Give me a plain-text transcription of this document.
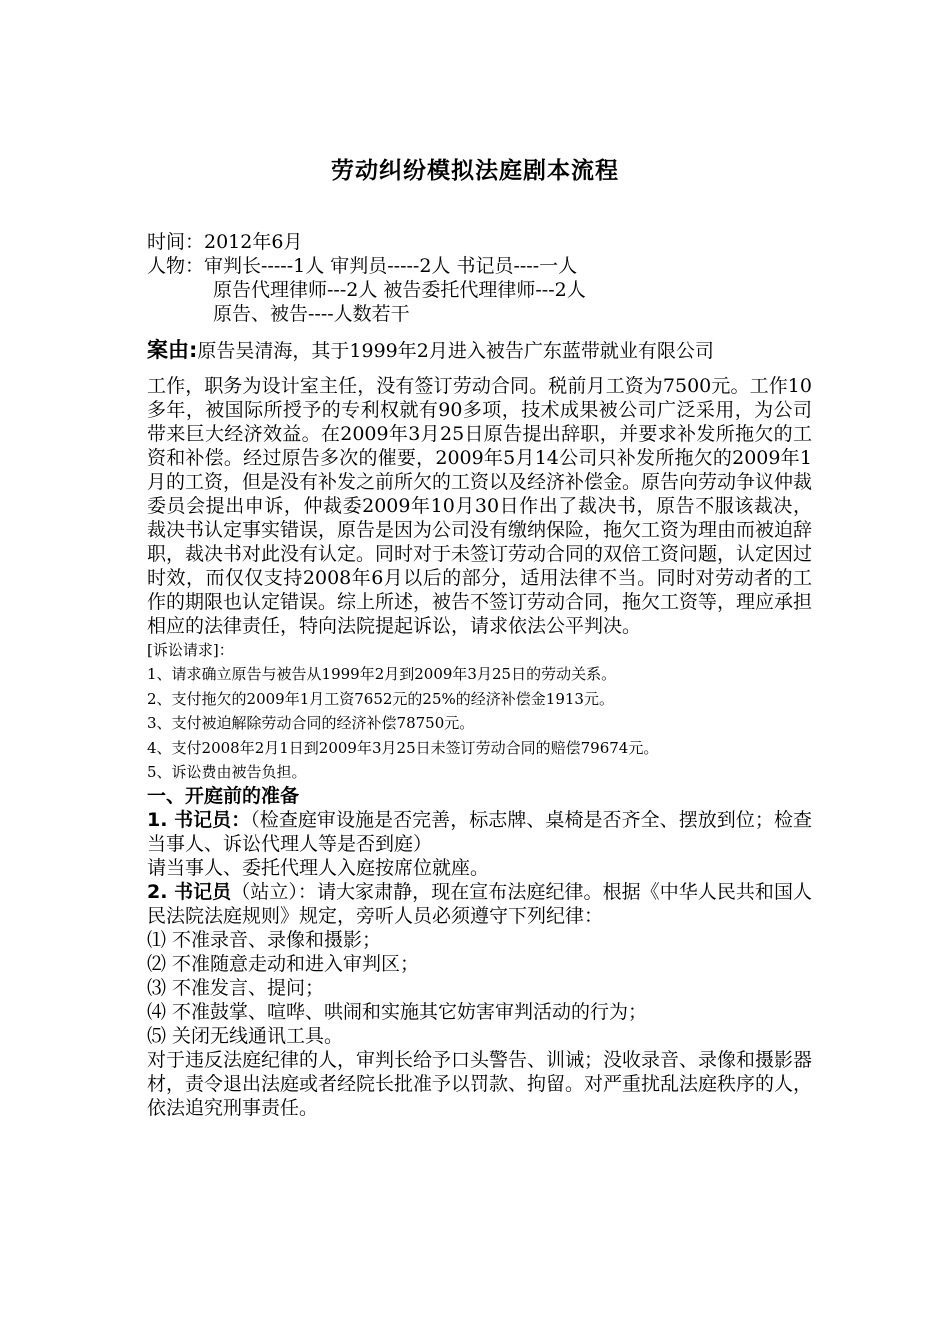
劳动纠纷模拟法庭剧本流程
时间：2012年6月
人物：审判长-----1人 审判员-----2人 书记员----一人
原告代理律师---2人 被告委托代理律师---2人
原告、被告----人数若干
案由:原告吴清海，其于1999年2月进入被告广东蓝带就业有限公司
工作，职务为设计室主任，没有签订劳动合同。税前月工资为7500元。工作10多年，被国际所授予的专利权就有90多项，技术成果被公司广泛采用，为公司带来巨大经济效益。在2009年3月25日原告提出辞职，并要求补发所拖欠的工资和补偿。经过原告多次的催要，2009年5月14公司只补发所拖欠的2009年1月的工资，但是没有补发之前所欠的工资以及经济补偿金。原告向劳动争议仲裁委员会提出申诉，仲裁委2009年10月30日作出了裁决书，原告不服该裁决，裁决书认定事实错误，原告是因为公司没有缴纳保险，拖欠工资为理由而被迫辞职，裁决书对此没有认定。同时对于未签订劳动合同的双倍工资问题，认定因过时效，而仅仅支持2008年6月以后的部分，适用法律不当。同时对劳动者的工作的期限也认定错误。综上所述，被告不签订劳动合同，拖欠工资等，理应承担相应的法律责任，特向法院提起诉讼，请求依法公平判决。
[诉讼请求]：
1、请求确立原告与被告从1999年2月到2009年3月25日的劳动关系。
2、支付拖欠的2009年1月工资7652元的25%的经济补偿金1913元。
3、支付被迫解除劳动合同的经济补偿78750元。
4、支付2008年2月1日到2009年3月25日未签订劳动合同的赔偿79674元。
5、诉讼费由被告负担。
一、开庭前的准备
1. 书记员：（检查庭审设施是否完善，标志牌、桌椅是否齐全、摆放到位；检查当事人、诉讼代理人等是否到庭）
请当事人、委托代理人入庭按席位就座。
2. 书记员（站立）：请大家肃静，现在宣布法庭纪律。根据《中华人民共和国人民法院法庭规则》规定，旁听人员必须遵守下列纪律：
⑴ 不准录音、录像和摄影；
⑵ 不准随意走动和进入审判区；
⑶ 不准发言、提问；
⑷ 不准鼓掌、喧哗、哄闹和实施其它妨害审判活动的行为；
⑸ 关闭无线通讯工具。
对于违反法庭纪律的人，审判长给予口头警告、训诫；没收录音、录像和摄影器材，责令退出法庭或者经院长批准予以罚款、拘留。对严重扰乱法庭秩序的人，依法追究刑事责任。
